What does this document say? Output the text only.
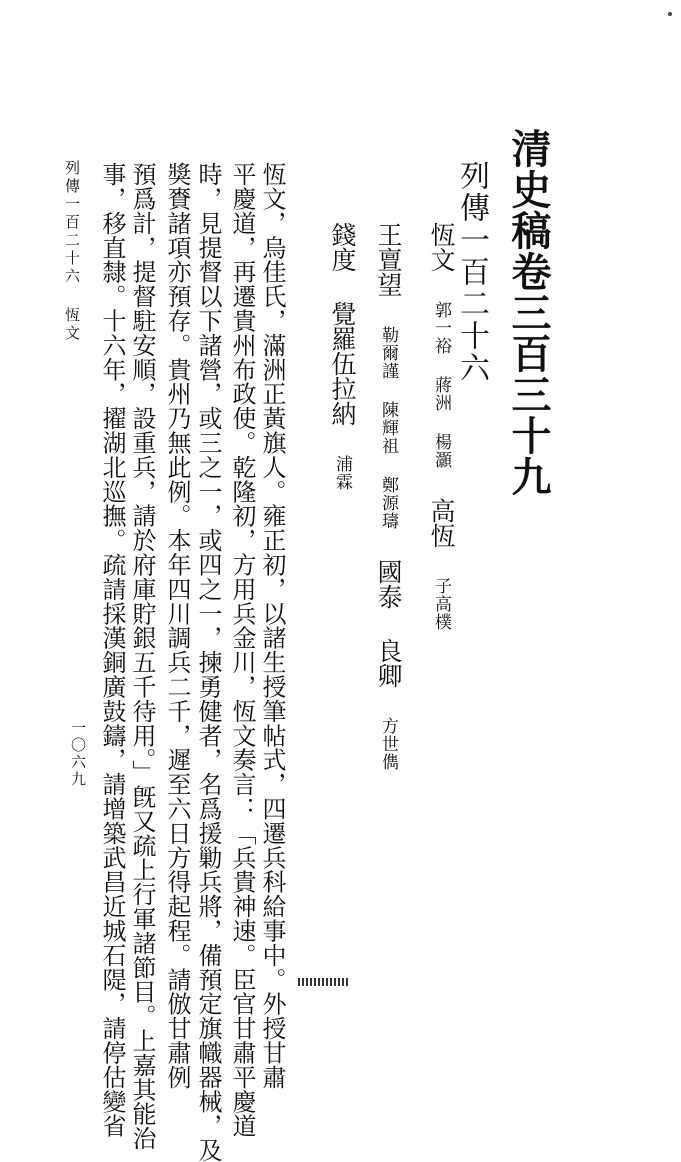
清史稿卷三百三十九
列傳一百二十六
恆文 郭一裕 蔣洲 楊灝 高恆 子高樸
王亶望 勒爾謹 陳輝祖 鄭源璹 國泰 良卿 方世儁
錢度 覺羅伍拉納 浦霖
恆文，烏佳氏，滿洲正黃旗人。雍正初，以諸生授筆帖式，四遷兵科給事中。外授甘肅
平慶道，再遷貴州布政使。乾隆初，方用兵金川，恆文奏言：「兵貴神速。臣官甘肅平慶道
時，見提督以下諸營，或三之一，或四之一，揀勇健者，名爲援勦兵將，備預定旗幟器械，及
獎賚諸項亦預存。貴州乃無此例。本年四川調兵二千，遲至六日方得起程。請倣甘肅例
預爲計，提督駐安順，設重兵，請於府庫貯銀五千待用。」旣又疏上行軍諸節目。上嘉其能治
事，移直隸。十六年，擢湖北巡撫。疏請採漢銅廣鼓鑄，請增築武昌近城石隄，請停估變省
列傳一百二十六 恆文
一〇六九
